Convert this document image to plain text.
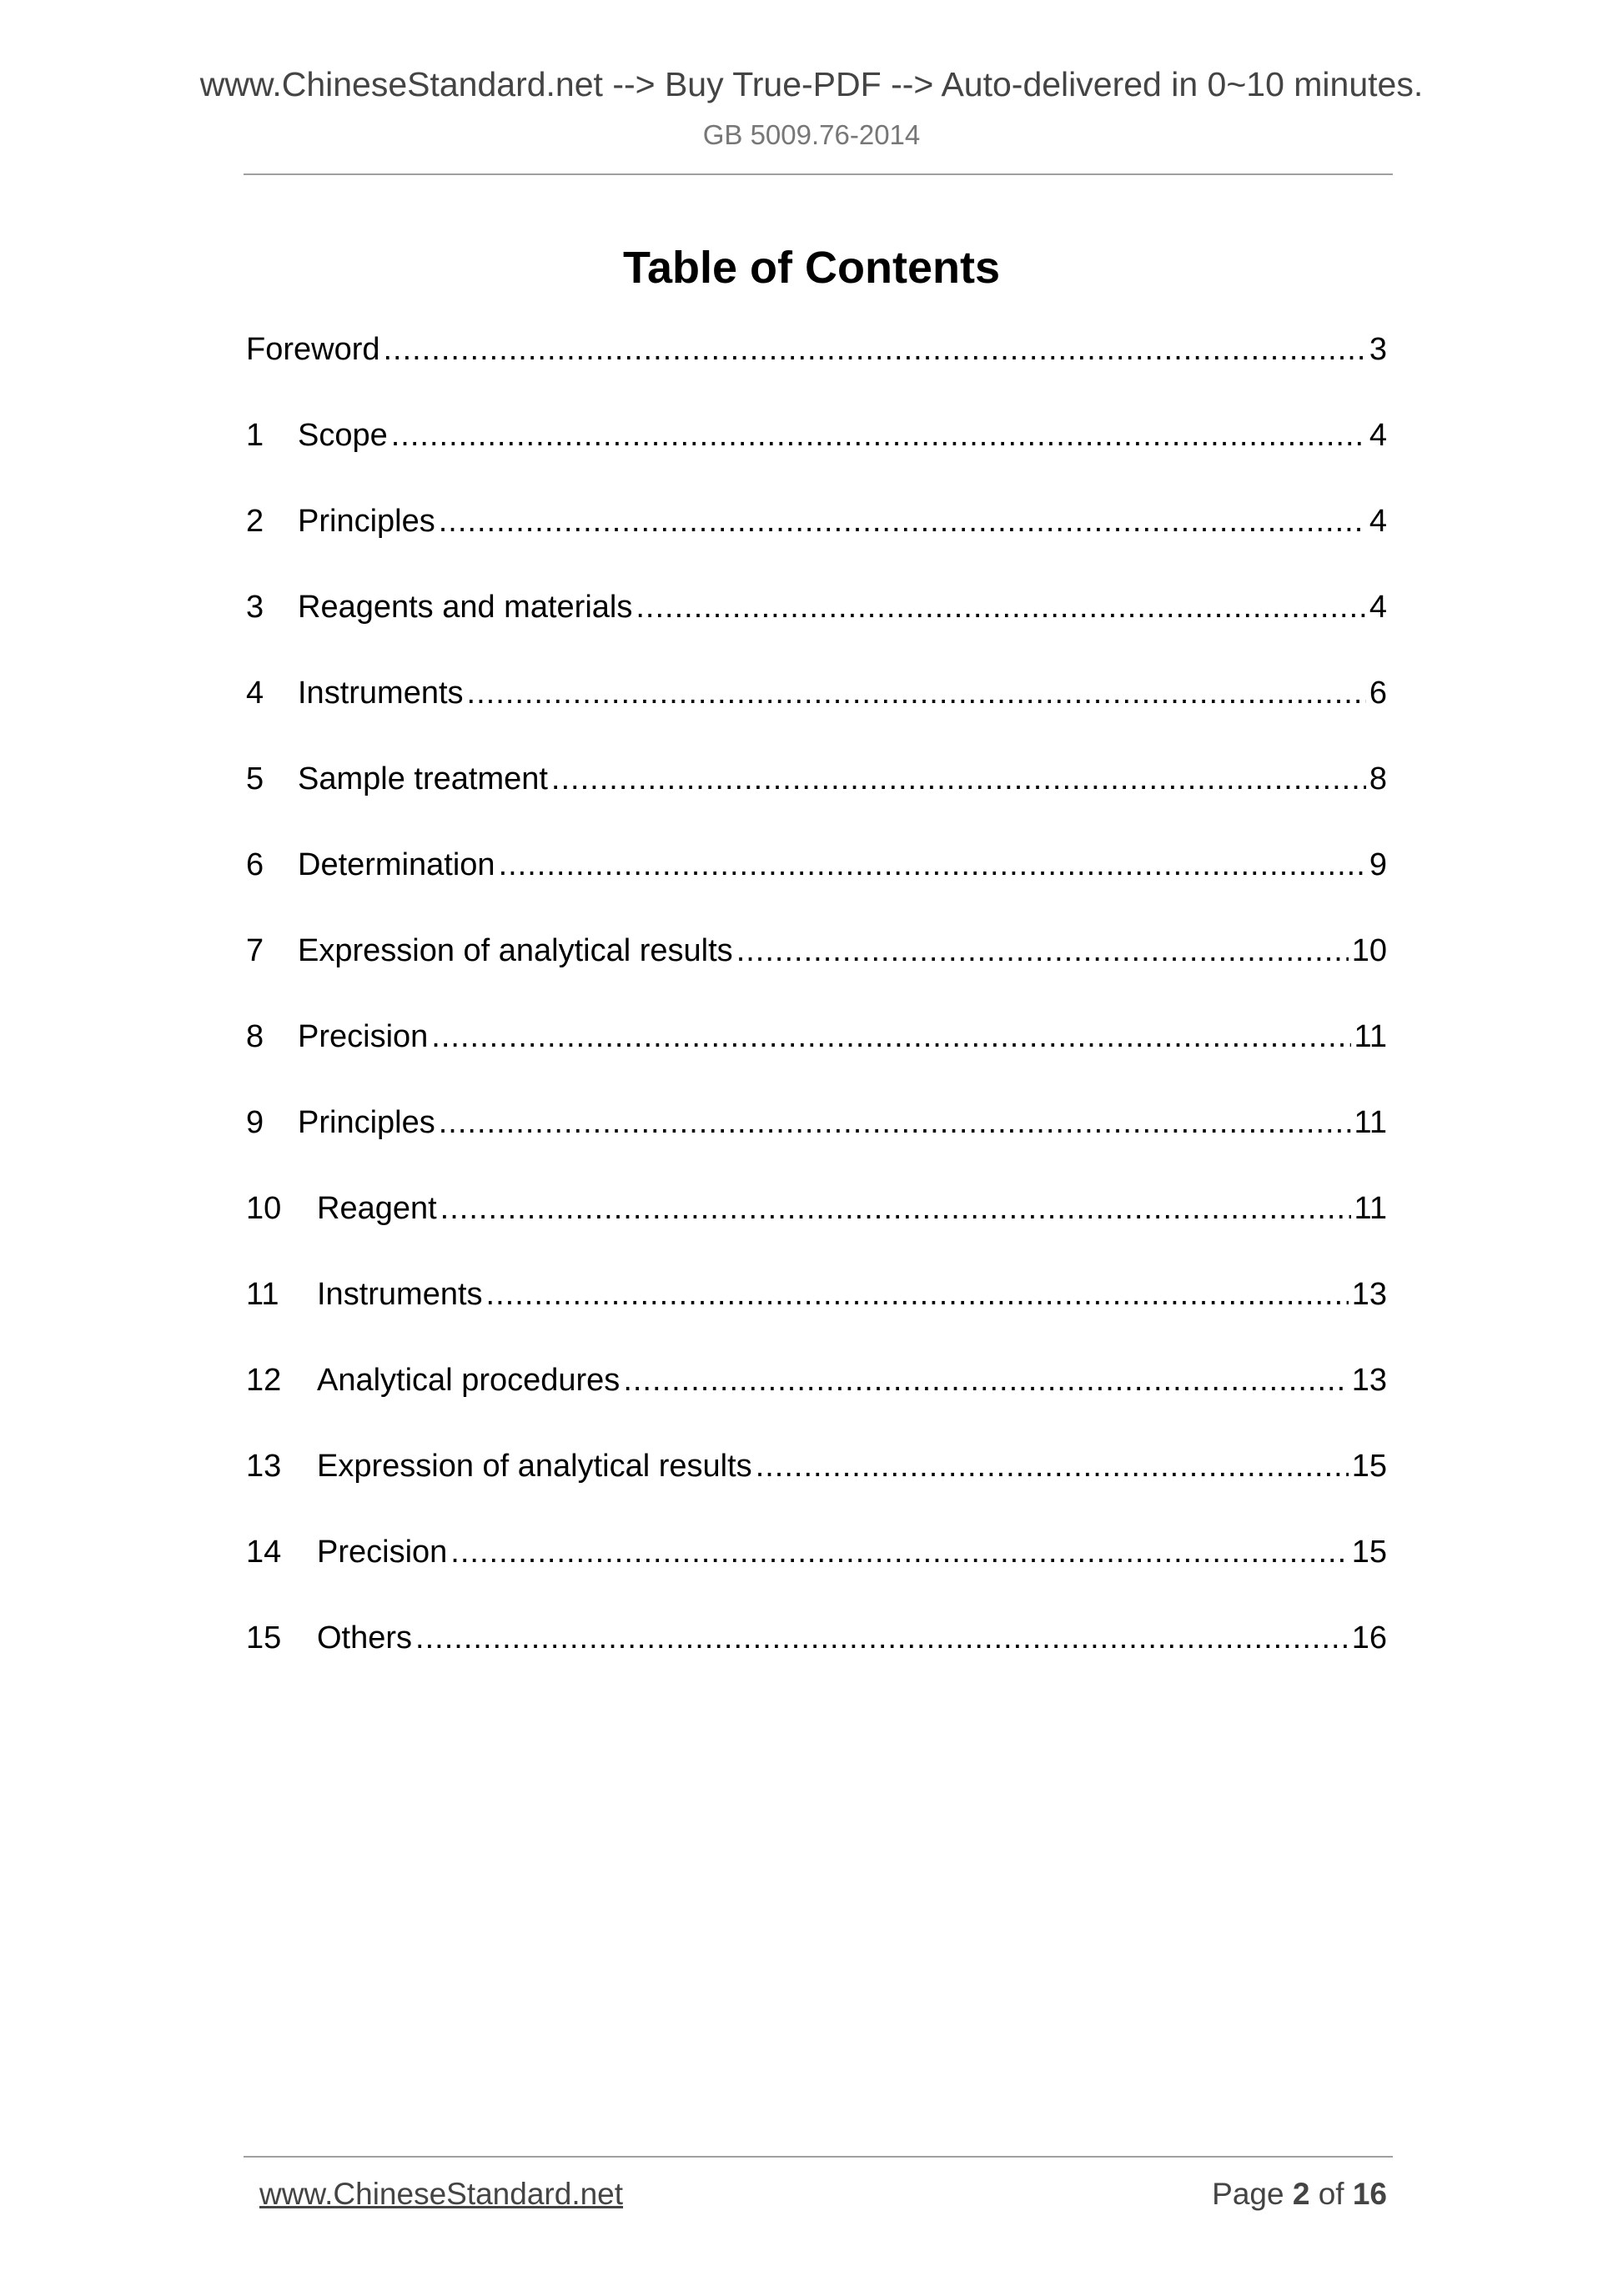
www.ChineseStandard.net --> Buy True-PDF --> Auto-delivered in 0~10 minutes.
GB 5009.76-2014
Table of Contents
Foreword .....	3
1	Scope .....	4
2	Principles .....	4
3	Reagents and materials .....	4
4	Instruments .....	6
5	Sample treatment .....	8
6	Determination .....	9
7	Expression of analytical results .....	10
8	Precision .....	11
9	Principles .....	11
10	Reagent .....	11
11	Instruments .....	13
12	Analytical procedures .....	13
13	Expression of analytical results .....	15
14	Precision .....	15
15	Others .....	16
www.ChineseStandard.net	Page 2 of 16
